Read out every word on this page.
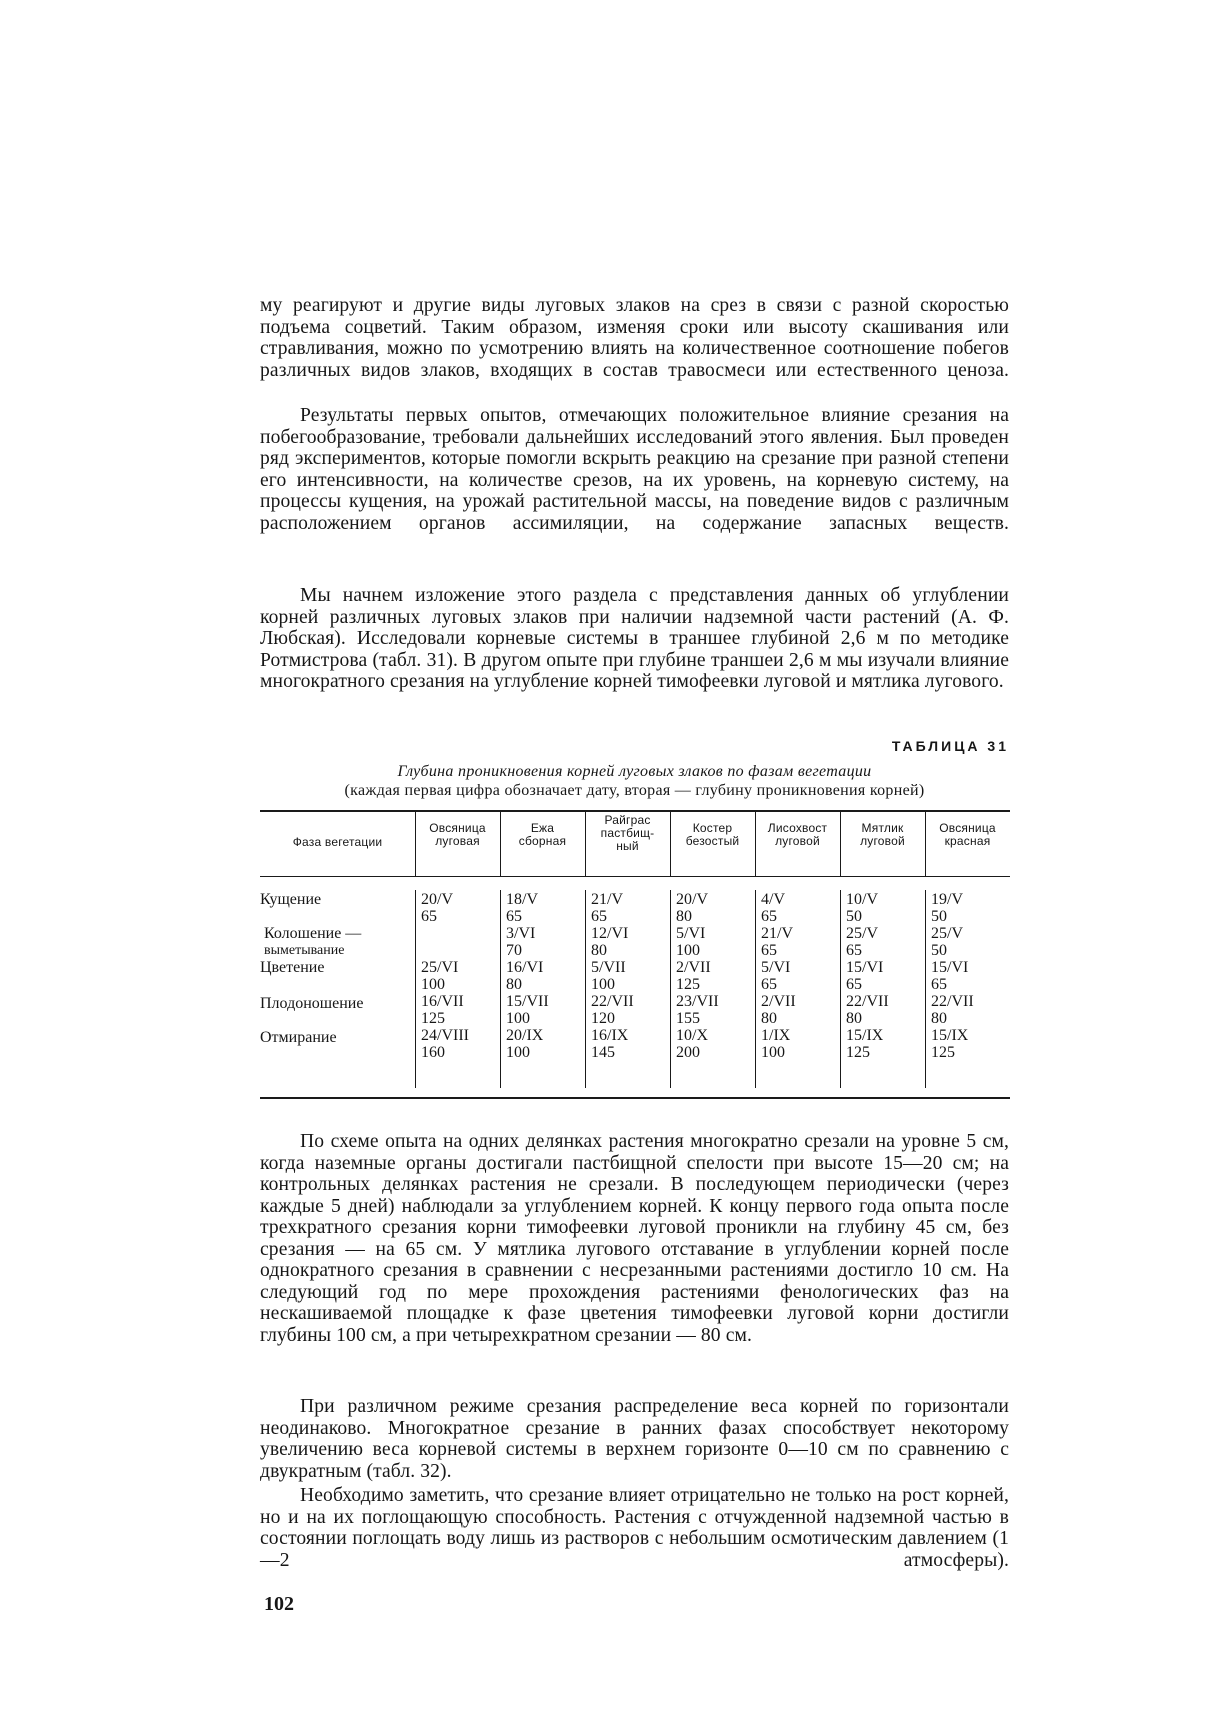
му реагируют и другие виды луговых злаков на срез в связи с разной скоростью подъема соцветий. Таким образом, изменяя сроки или высоту скашивания или стравливания, можно по усмотрению влиять на количественное соотношение побегов различных видов злаков, входящих в состав травосмеси или естественного ценоза.

Результаты первых опытов, отмечающих положительное влияние срезания на побегообразование, требовали дальнейших исследований этого явления. Был проведен ряд экспериментов, которые помогли вскрыть реакцию на срезание при разной степени его интенсивности, на количестве срезов, на их уровень, на корневую систему, на процессы кущения, на урожай растительной массы, на поведение видов с различным расположением органов ассимиляции, на содержание запасных веществ.

Мы начнем изложение этого раздела с представления данных об углублении корней различных луговых злаков при наличии надземной части растений (А. Ф. Любская). Исследовали корневые системы в траншее глубиной 2,6 м по методике Ротмистрова (табл. 31). В другом опыте при глубине траншеи 2,6 м мы изучали влияние многократного срезания на углубление корней тимофеевки луговой и мятлика лугового.

ТАБЛИЦА 31
Глубина проникновения корней луговых злаков по фазам вегетации
(каждая первая цифра обозначает дату, вторая — глубину проникновения корней)
Фаза вегетации
Овсяница
луговая
Ежа
сборная
Райграс
пастбищ-
ный
Костер
безостый
Лисохвост
луговой
Мятлик
луговой
Овсяница
красная
Кущение
Колошение —
выметывание
Цветение
Плодоношение
Отмирание
20/V
65

25/VI
100
16/VII
125
24/VIII
160
18/V
65
3/VI
70
16/VI
80
15/VII
100
20/IX
100
21/V
65
12/VI
80
5/VII
100
22/VII
120
16/IX
145
20/V
80
5/VI
100
2/VII
125
23/VII
155
10/X
200
4/V
65
21/V
65
5/VI
65
2/VII
80
1/IX
100
10/V
50
25/V
65
15/VI
65
22/VII
80
15/IX
125
19/V
50
25/V
50
15/VI
65
22/VII
80
15/IX
125

По схеме опыта на одних делянках растения многократно срезали на уровне 5 см, когда наземные органы достигали пастбищной спелости при высоте 15—20 см; на контрольных делянках растения не срезали. В последующем периодически (через каждые 5 дней) наблюдали за углублением корней. К концу первого года опыта после трехкратного срезания корни тимофеевки луговой проникли на глубину 45 см, без срезания — на 65 см. У мятлика лугового отставание в углублении корней после однократного срезания в сравнении с несрезанными растениями достигло 10 см. На следующий год по мере прохождения растениями фенологических фаз на нескашиваемой площадке к фазе цветения тимофеевки луговой корни достигли глубины 100 см, а при четырехкратном срезании — 80 см.

При различном режиме срезания распределение веса корней по горизонтали неодинаково. Многократное срезание в ранних фазах способствует некоторому увеличению веса корневой системы в верхнем горизонте 0—10 см по сравнению с двукратным (табл. 32).

Необходимо заметить, что срезание влияет отрицательно не только на рост корней, но и на их поглощающую способность. Растения с отчужденной надземной частью в состоянии поглощать воду лишь из растворов с небольшим осмотическим давлением (1—2 атмосферы).

102
